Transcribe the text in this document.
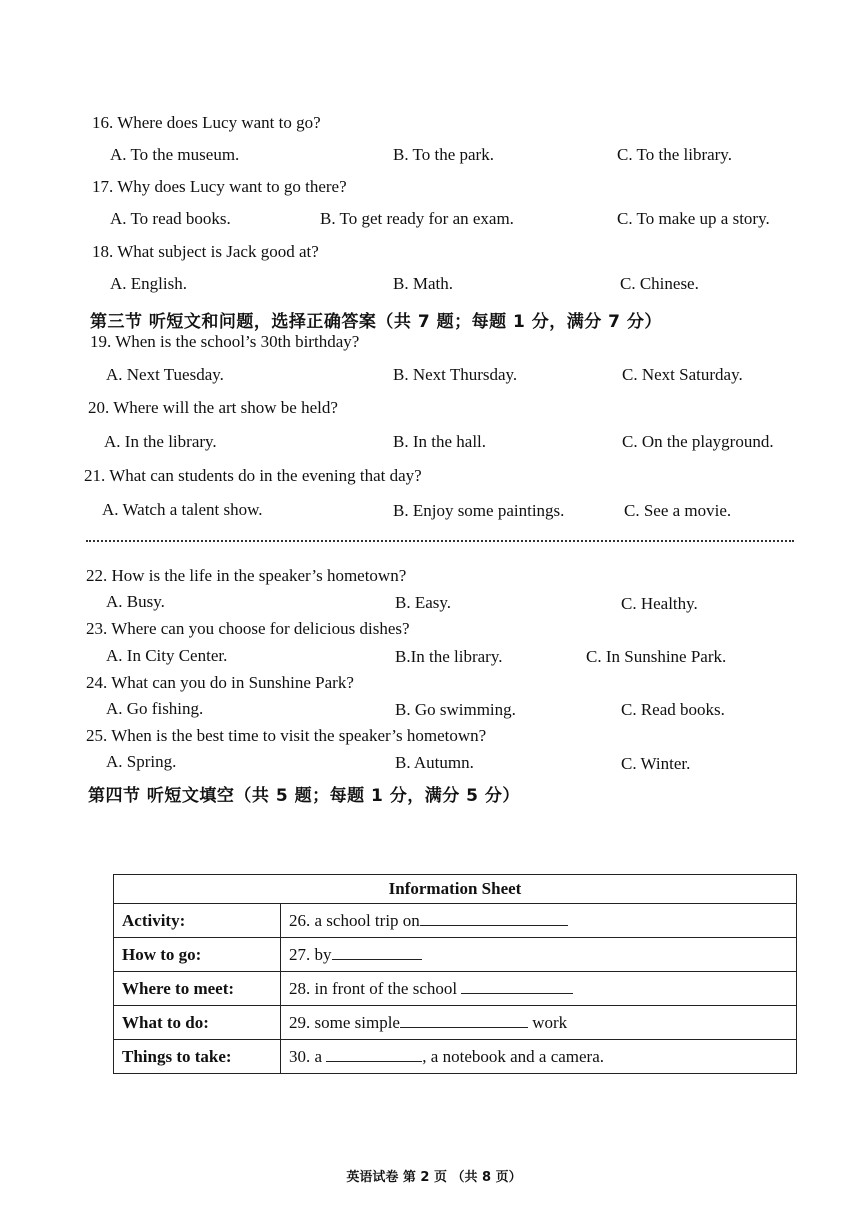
16. Where does Lucy want to go?
A. To the museum.	B. To the park.	C. To the library.
17. Why does Lucy want to go there?
A. To read books.	B. To get ready for an exam.	C. To make up a story.
18. What subject is Jack good at?
A. English.	B. Math.	C. Chinese.
第三节 听短文和问题，选择正确答案（共 7 题；每题 1 分，满分 7 分）
19. When is the school’s 30th birthday?
A. Next Tuesday.	B. Next Thursday.	C. Next Saturday.
20. Where will the art show be held?
A. In the library.	B. In the hall.	C. On the playground.
21. What can students do in the evening that day?
A. Watch a talent show.	B. Enjoy some paintings.	C. See a movie.
22. How is the life in the speaker’s hometown?
A. Busy.	B. Easy.	C. Healthy.
23. Where can you choose for delicious dishes?
A. In City Center.	B.In the library.	C. In Sunshine Park.
24. What can you do in Sunshine Park?
A. Go fishing.	B. Go swimming.	C. Read books.
25. When is the best time to visit the speaker’s hometown?
A. Spring.	B. Autumn.	C. Winter.
第四节 听短文填空（共 5 题；每题 1 分，满分 5 分）
Information Sheet	
Activity:	26. a school trip on
How to go:	27. by
Where to meet:	28. in front of the school
What to do:	29. some simple work
Things to take:	30. a , a notebook and a camera.
英语试卷 第 2 页 （共 8 页）
